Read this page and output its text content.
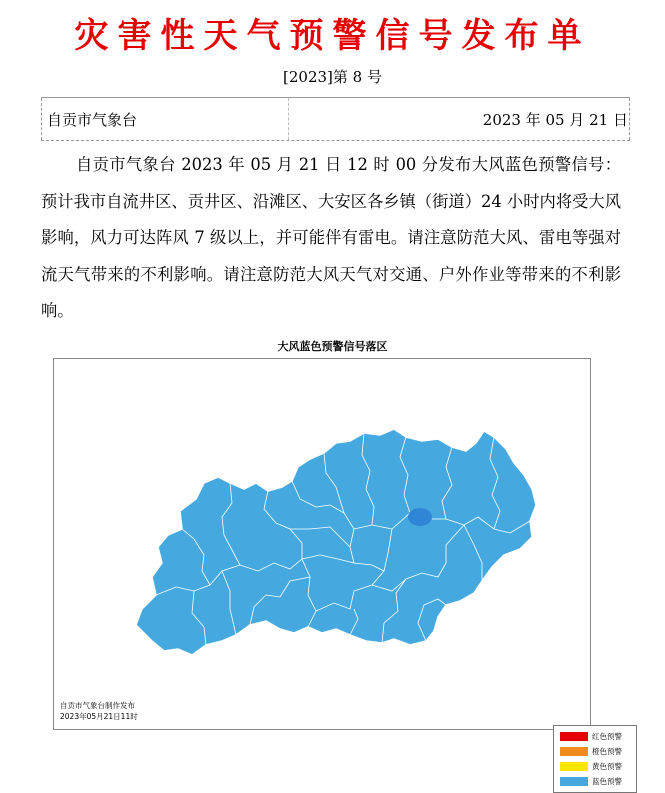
灾害性天气预警信号发布单
[2023]第 8 号
自贡市气象台	2023 年 05 月 21 日
自贡市气象台 2023 年 05 月 21 日 12 时 00 分发布大风蓝色预警信号：预计我市自流井区、贡井区、沿滩区、大安区各乡镇（街道）24 小时内将受大风影响，风力可达阵风 7 级以上，并可能伴有雷电。请注意防范大风、雷电等强对流天气带来的不利影响。请注意防范大风天气对交通、户外作业等带来的不利影响。
大风蓝色预警信号落区
红色预警
橙色预警
黄色预警
蓝色预警
自贡市气象台制作发布
2023年05月21日11时
